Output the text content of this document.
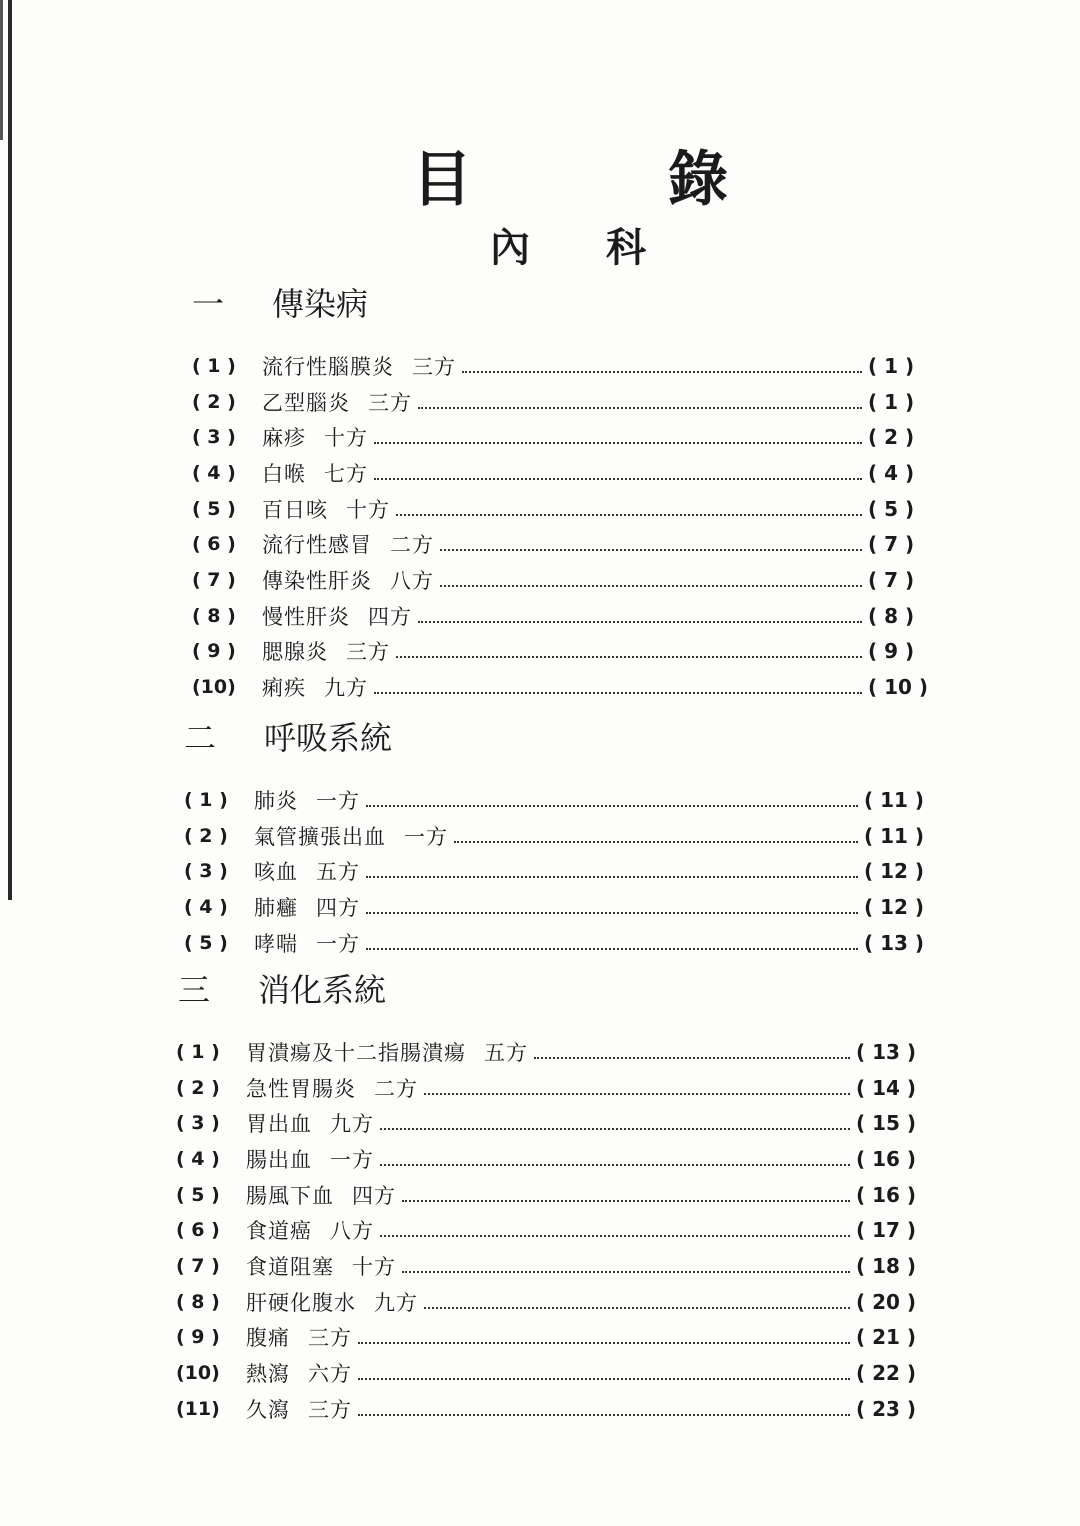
目	錄
內 科
一 傳染病
( 1 )	流行性腦膜炎 三方	( 1 )
( 2 )	乙型腦炎 三方	( 1 )
( 3 )	麻疹 十方	( 2 )
( 4 )	白喉 七方	( 4 )
( 5 )	百日咳 十方	( 5 )
( 6 )	流行性感冒 二方	( 7 )
( 7 )	傳染性肝炎 八方	( 7 )
( 8 )	慢性肝炎 四方	( 8 )
( 9 )	腮腺炎 三方	( 9 )
(10)	痢疾 九方	( 10 )
二 呼吸系統
( 1 )	肺炎 一方	( 11 )
( 2 )	氣管擴張出血 一方	( 11 )
( 3 )	咳血 五方	( 12 )
( 4 )	肺癰 四方	( 12 )
( 5 )	哮喘 一方	( 13 )
三 消化系統
( 1 )	胃潰瘍及十二指腸潰瘍 五方	( 13 )
( 2 )	急性胃腸炎 二方	( 14 )
( 3 )	胃出血 九方	( 15 )
( 4 )	腸出血 一方	( 16 )
( 5 )	腸風下血 四方	( 16 )
( 6 )	食道癌 八方	( 17 )
( 7 )	食道阻塞 十方	( 18 )
( 8 )	肝硬化腹水 九方	( 20 )
( 9 )	腹痛 三方	( 21 )
(10)	熱瀉 六方	( 22 )
(11)	久瀉 三方	( 23 )
